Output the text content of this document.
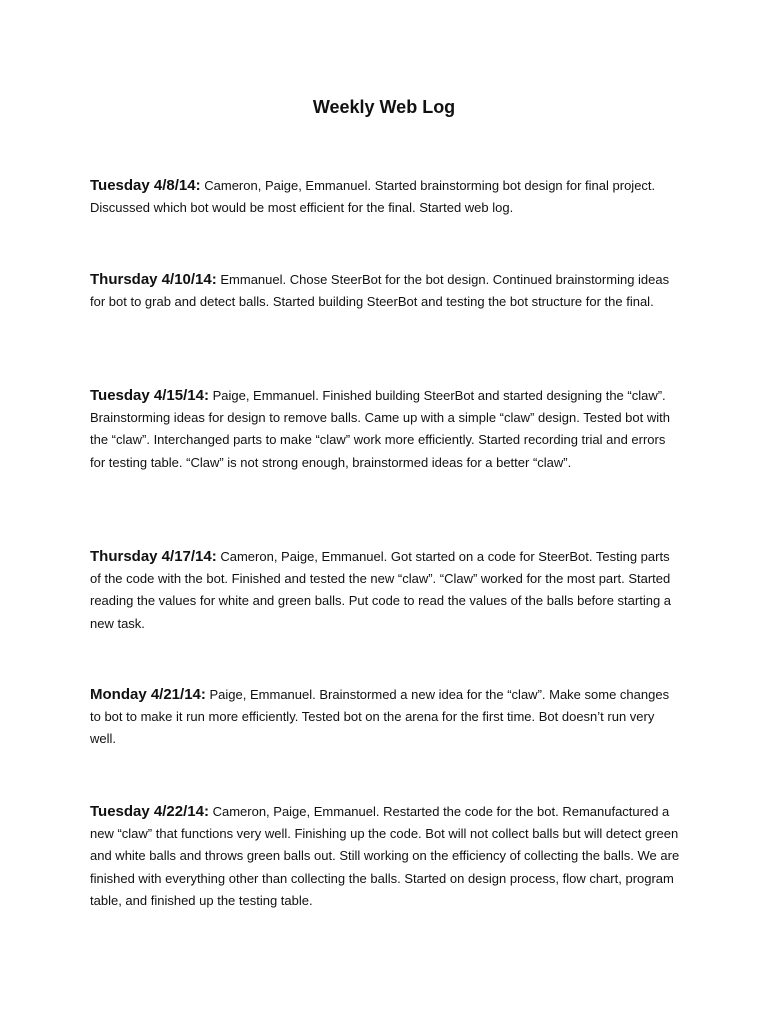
Weekly Web Log

Tuesday 4/8/14: Cameron, Paige, Emmanuel. Started brainstorming bot design for final project. Discussed which bot would be most efficient for the final. Started web log.

Thursday 4/10/14: Emmanuel. Chose SteerBot for the bot design. Continued brainstorming ideas for bot to grab and detect balls. Started building SteerBot and testing the bot structure for the final.

Tuesday 4/15/14: Paige, Emmanuel. Finished building SteerBot and started designing the “claw”. Brainstorming ideas for design to remove balls. Came up with a simple “claw” design. Tested bot with the “claw”. Interchanged parts to make “claw” work more efficiently. Started recording trial and errors for testing table. “Claw” is not strong enough, brainstormed ideas for a better “claw”.

Thursday 4/17/14: Cameron, Paige, Emmanuel. Got started on a code for SteerBot. Testing parts of the code with the bot. Finished and tested the new “claw”. “Claw” worked for the most part. Started reading the values for white and green balls. Put code to read the values of the balls before starting a new task.

Monday 4/21/14: Paige, Emmanuel. Brainstormed a new idea for the “claw”. Make some changes to bot to make it run more efficiently. Tested bot on the arena for the first time. Bot doesn’t run very well.

Tuesday 4/22/14: Cameron, Paige, Emmanuel. Restarted the code for the bot. Remanufactured a new “claw” that functions very well. Finishing up the code. Bot will not collect balls but will detect green and white balls and throws green balls out. Still working on the efficiency of collecting the balls. We are finished with everything other than collecting the balls. Started on design process, flow chart, program table, and finished up the testing table.
